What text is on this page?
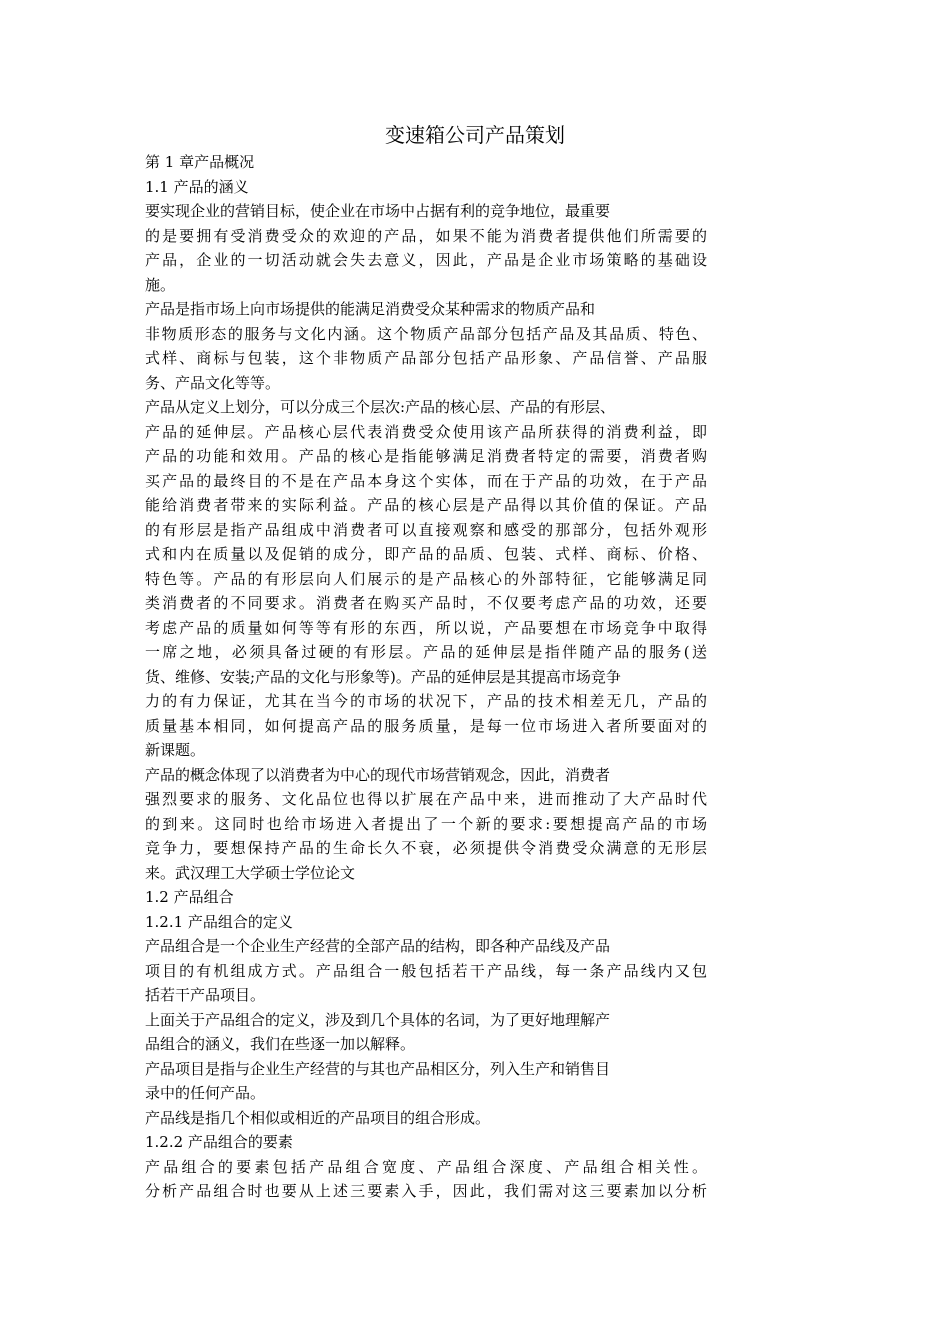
变速箱公司产品策划
第 1 章产品概况
1.1 产品的涵义
要实现企业的营销目标，使企业在市场中占据有利的竞争地位，最重要
的是要拥有受消费受众的欢迎的产品，如果不能为消费者提供他们所需要的
产品，企业的一切活动就会失去意义，因此，产品是企业市场策略的基础设
施。
产品是指市场上向市场提供的能满足消费受众某种需求的物质产品和
非物质形态的服务与文化内涵。这个物质产品部分包括产品及其品质、特色、
式样、商标与包装，这个非物质产品部分包括产品形象、产品信誉、产品服
务、产品文化等等。
产品从定义上划分，可以分成三个层次:产品的核心层、产品的有形层、
产品的延伸层。产品核心层代表消费受众使用该产品所获得的消费利益，即
产品的功能和效用。产品的核心是指能够满足消费者特定的需要，消费者购
买产品的最终目的不是在产品本身这个实体，而在于产品的功效，在于产品
能给消费者带来的实际利益。产品的核心层是产品得以其价值的保证。产品
的有形层是指产品组成中消费者可以直接观察和感受的那部分，包括外观形
式和内在质量以及促销的成分，即产品的品质、包装、式样、商标、价格、
特色等。产品的有形层向人们展示的是产品核心的外部特征，它能够满足同
类消费者的不同要求。消费者在购买产品时，不仅要考虑产品的功效，还要
考虑产品的质量如何等等有形的东西，所以说，产品要想在市场竞争中取得
一席之地，必须具备过硬的有形层。产品的延伸层是指伴随产品的服务(送
货、维修、安装;产品的文化与形象等)。产品的延伸层是其提高市场竞争
力的有力保证，尤其在当今的市场的状况下，产品的技术相差无几，产品的
质量基本相同，如何提高产品的服务质量，是每一位市场进入者所要面对的
新课题。
产品的概念体现了以消费者为中心的现代市场营销观念，因此，消费者
强烈要求的服务、文化品位也得以扩展在产品中来，进而推动了大产品时代
的到来。这同时也给市场进入者提出了一个新的要求:要想提高产品的市场
竞争力，要想保持产品的生命长久不衰，必须提供令消费受众满意的无形层
来。武汉理工大学硕士学位论文
1.2 产品组合
1.2.1 产品组合的定义
产品组合是一个企业生产经营的全部产品的结构，即各种产品线及产品
项目的有机组成方式。产品组合一般包括若干产品线，每一条产品线内又包
括若干产品项目。
上面关于产品组合的定义，涉及到几个具体的名词，为了更好地理解产
品组合的涵义，我们在些逐一加以解释。
产品项目是指与企业生产经营的与其也产品相区分，列入生产和销售目
录中的任何产品。
产品线是指几个相似或相近的产品项目的组合形成。
1.2.2 产品组合的要素
产品组合的要素包括产品组合宽度、产品组合深度、产品组合相关性。
分析产品组合时也要从上述三要素入手，因此，我们需对这三要素加以分析
